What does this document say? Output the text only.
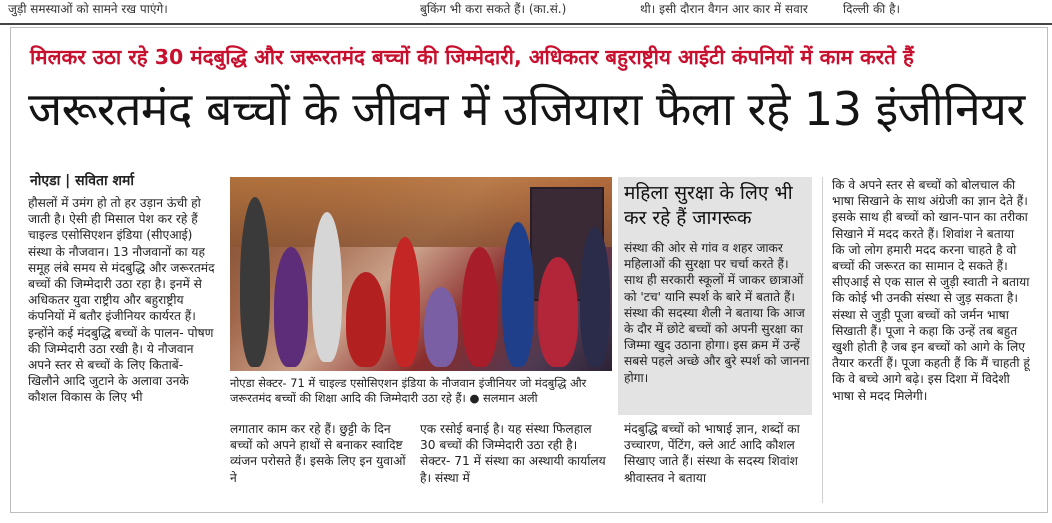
जुड़ी समस्याओं को सामने रख पाएंगे।	बुकिंग भी करा सकते हैं। (का.सं.)	थी। इसी दौरान वैगन आर कार में सवार	दिल्ली की है।
मिलकर उठा रहे 30 मंदबुद्धि और जरूरतमंद बच्चों की जिम्मेदारी, अधिकतर बहुराष्ट्रीय आईटी कंपनियों में काम करते हैं
जरूरतमंद बच्चों के जीवन में उजियारा फैला रहे 13 इंजीनियर
नोएडा | सविता शर्मा
हौसलों में उमंग हो तो हर उड़ान ऊंची हो जाती है। ऐसी ही मिसाल पेश कर रहे हैं चाइल्ड एसोसिएशन इंडिया (सीएआई) संस्था के नौजवान। 13 नौजवानों का यह समूह लंबे समय से मंदबुद्धि और जरूरतमंद बच्चों की जिम्मेदारी उठा रहा है। इनमें से अधिकतर युवा राष्ट्रीय और बहुराष्ट्रीय कंपनियों में बतौर इंजीनियर कार्यरत हैं। इन्होंने कई मंदबुद्धि बच्चों के पालन- पोषण की जिम्मेदारी उठा रखी है। ये नौजवान अपने स्तर से बच्चों के लिए किताबें- खिलौने आदि जुटाने के अलावा उनके कौशल विकास के लिए भी
नोएडा सेक्टर- 71 में चाइल्ड एसोसिएशन इंडिया के नौजवान इंजीनियर जो मंदबुद्धि और जरूरतमंद बच्चों की शिक्षा आदि की जिम्मेदारी उठा रहे हैं। ● सलमान अली
लगातार काम कर रहे हैं। छुट्टी के दिन बच्चों को अपने हाथों से बनाकर स्वादिष्ट व्यंजन परोसते हैं। इसके लिए इन युवाओं ने
एक रसोई बनाई है। यह संस्था फिलहाल 30 बच्चों की जिम्मेदारी उठा रही है। सेक्टर- 71 में संस्था का अस्थायी कार्यालय है। संस्था में
मंदबुद्धि बच्चों को भाषाई ज्ञान, शब्दों का उच्चारण, पेंटिंग, क्ले आर्ट आदि कौशल सिखाए जाते हैं। संस्था के सदस्य शिवांश श्रीवास्तव ने बताया
महिला सुरक्षा के लिए भी कर रहे हैं जागरूक
संस्था की ओर से गांव व शहर जाकर महिलाओं की सुरक्षा पर चर्चा करते हैं। साथ ही सरकारी स्कूलों में जाकर छात्राओं को 'टच' यानि स्पर्श के बारे में बताते हैं। संस्था की सदस्या शैली ने बताया कि आज के दौर में छोटे बच्चों को अपनी सुरक्षा का जिम्मा खुद उठाना होगा। इस क्रम में उन्हें सबसे पहले अच्छे और बुरे स्पर्श को जानना होगा।
कि वे अपने स्तर से बच्चों को बोलचाल की भाषा सिखाने के साथ अंग्रेजी का ज्ञान देते हैं। इसके साथ ही बच्चों को खान-पान का तरीका सिखाने में मदद करते हैं। शिवांश ने बताया कि जो लोग हमारी मदद करना चाहते है वो बच्चों की जरूरत का सामान दे सकते हैं। सीएआई से एक साल से जुड़ी स्वाती ने बताया कि कोई भी उनकी संस्था से जुड़ सकता है। संस्था से जुड़ी पूजा बच्चों को जर्मन भाषा सिखाती हैं। पूजा ने कहा कि उन्हें तब बहुत खुशी होती है जब इन बच्चों को आगे के लिए तैयार करतीं हैं। पूजा कहती हैं कि मैं चाहती हूं कि वे बच्चे आगे बढ़े। इस दिशा में विदेशी भाषा से मदद मिलेगी।
